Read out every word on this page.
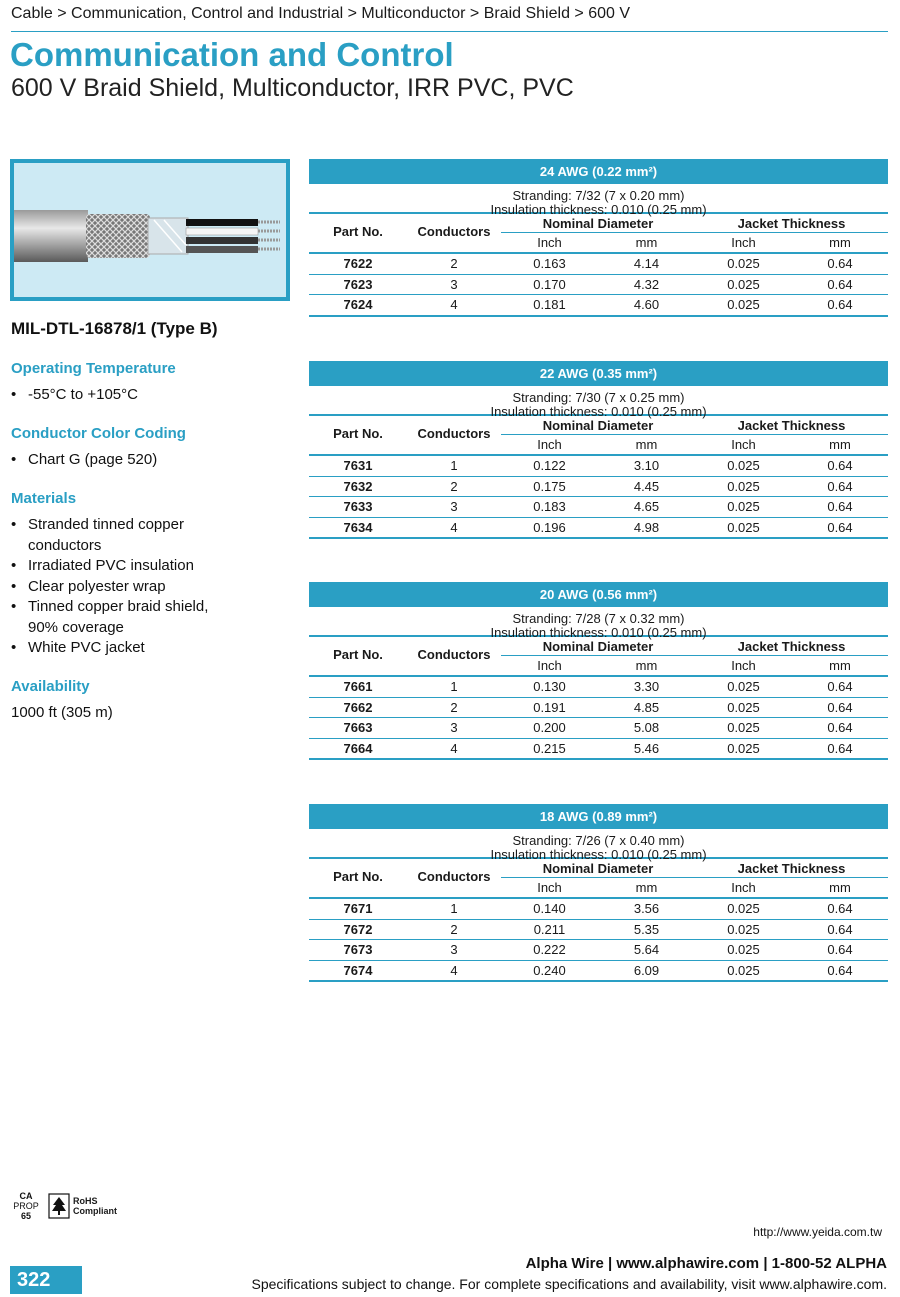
Cable > Communication, Control and Industrial > Multiconductor > Braid Shield > 600 V
Communication and Control
600 V Braid Shield, Multiconductor, IRR PVC, PVC
MIL-DTL-16878/1 (Type B)
Operating Temperature
• -55°C to +105°C
Conductor Color Coding
• Chart G (page 520)
Materials
• Stranded tinned copper
conductors
• Irradiated PVC insulation
• Clear polyester wrap
• Tinned copper braid shield,
90% coverage
• White PVC jacket
Availability
1000 ft (305 m)
24 AWG (0.22 mm²)
Stranding: 7/32 (7 x 0.20 mm)
Insulation thickness: 0.010 (0.25 mm)
Part No.	Conductors
Nominal Diameter	Jacket Thickness
Inch	mm	Inch	mm
7622	2	0.163	4.14	0.025	0.64
7623	3	0.170	4.32	0.025	0.64
7624	4	0.181	4.60	0.025	0.64
22 AWG (0.35 mm²)
Stranding: 7/30 (7 x 0.25 mm)
Insulation thickness: 0.010 (0.25 mm)
Part No.	Conductors
Nominal Diameter	Jacket Thickness
Inch	mm	Inch	mm
7631	1	0.122	3.10	0.025	0.64
7632	2	0.175	4.45	0.025	0.64
7633	3	0.183	4.65	0.025	0.64
7634	4	0.196	4.98	0.025	0.64
20 AWG (0.56 mm²)
Stranding: 7/28 (7 x 0.32 mm)
Insulation thickness: 0.010 (0.25 mm)
Part No.	Conductors
Nominal Diameter	Jacket Thickness
Inch	mm	Inch	mm
7661	1	0.130	3.30	0.025	0.64
7662	2	0.191	4.85	0.025	0.64
7663	3	0.200	5.08	0.025	0.64
7664	4	0.215	5.46	0.025	0.64
18 AWG (0.89 mm²)
Stranding: 7/26 (7 x 0.40 mm)
Insulation thickness: 0.010 (0.25 mm)
Part No.	Conductors
Nominal Diameter	Jacket Thickness
Inch	mm	Inch	mm
7671	1	0.140	3.56	0.025	0.64
7672	2	0.211	5.35	0.025	0.64
7673	3	0.222	5.64	0.025	0.64
7674	4	0.240	6.09	0.025	0.64
CA
PROP
65
RoHS
Compliant
http://www.yeida.com.tw
Alpha Wire | www.alphawire.com | 1-800-52 ALPHA
Specifications subject to change. For complete specifications and availability, visit www.alphawire.com.
322
